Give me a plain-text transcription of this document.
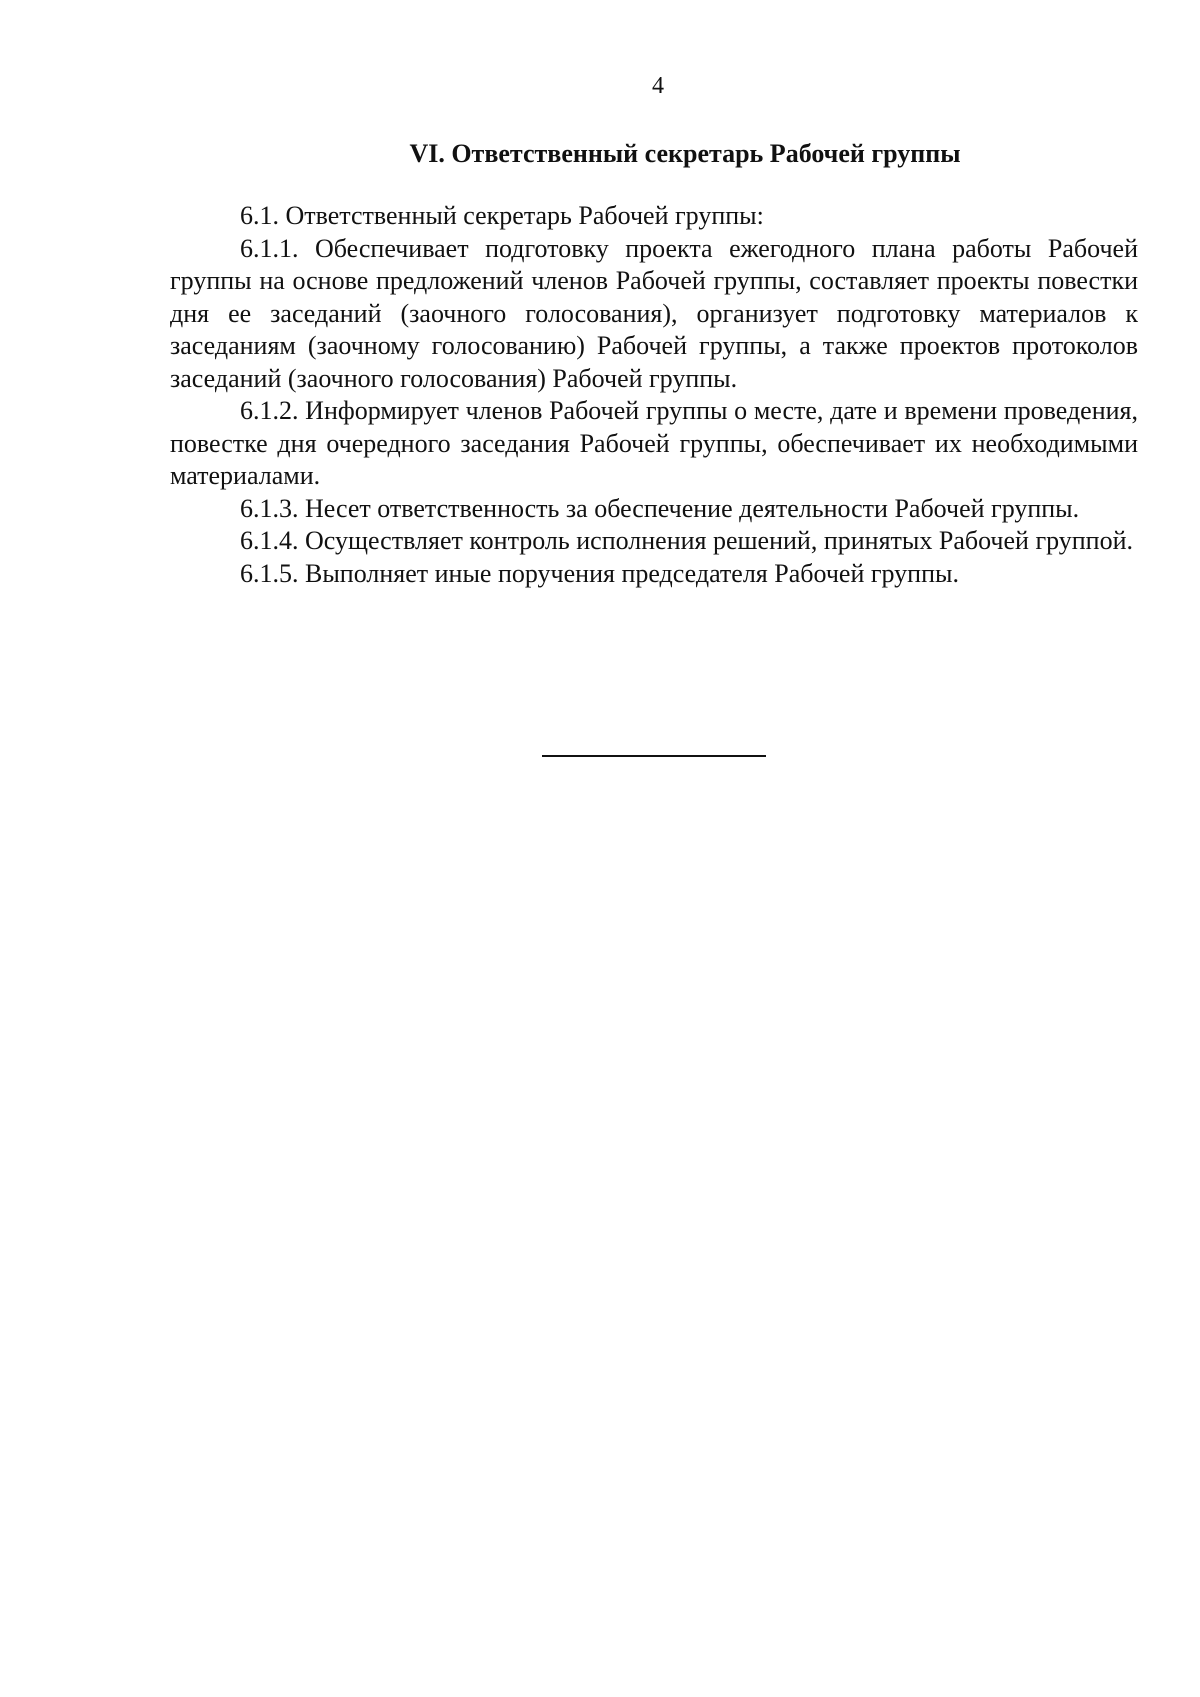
4
VI. Ответственный секретарь Рабочей группы

6.1. Ответственный секретарь Рабочей группы:

6.1.1. Обеспечивает подготовку проекта ежегодного плана работы Рабочей группы на основе предложений членов Рабочей группы, составляет проекты повестки дня ее заседаний (заочного голосования), организует подготовку материалов к заседаниям (заочному голосованию) Рабочей группы, а также проектов протоколов заседаний (заочного голосования) Рабочей группы.

6.1.2. Информирует членов Рабочей группы о месте, дате и времени проведения, повестке дня очередного заседания Рабочей группы, обеспечивает их необходимыми материалами.

6.1.3. Несет ответственность за обеспечение деятельности Рабочей группы.

6.1.4. Осуществляет контроль исполнения решений, принятых Рабочей группой.

6.1.5. Выполняет иные поручения председателя Рабочей группы.
